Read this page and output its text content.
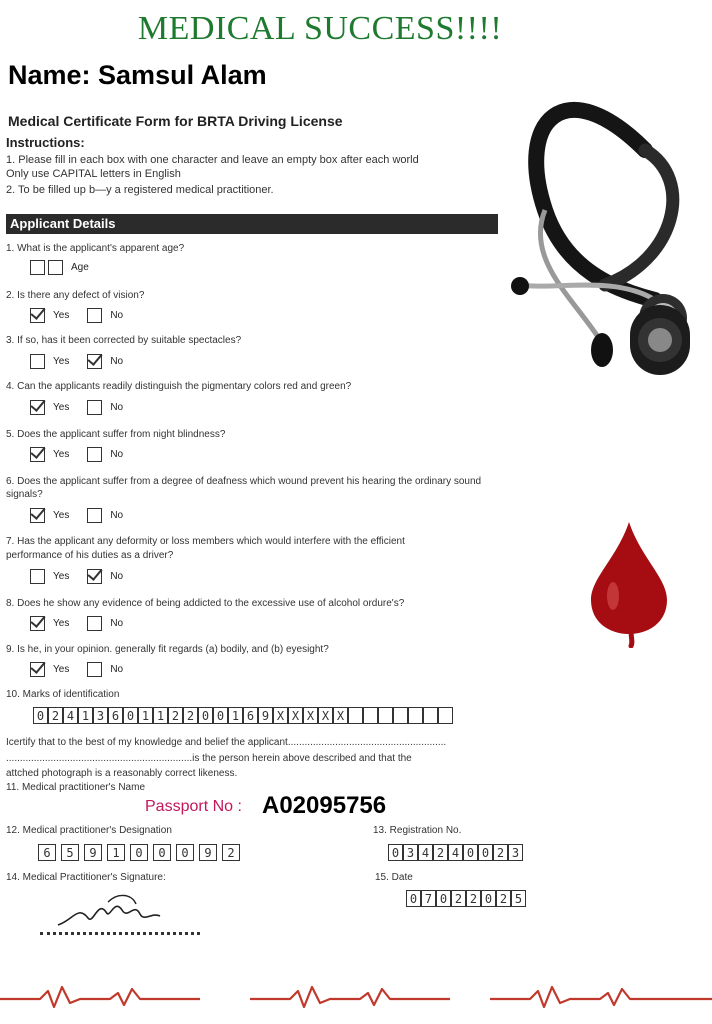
MEDICAL SUCCESS!!!!
Name: Samsul Alam
Medical Certificate Form for BRTA Driving License
Instructions:
1. Please fill in each box with one character and leave an empty box after each world
Only use CAPITAL letters in English
2. To be filled up b—y a registered medical practitioner.
Applicant Details
1. What is the applicant's apparent age?
Age
2. Is there any defect of vision?
Yes	No
3. If so, has it been corrected by suitable spectacles?
Yes	No
4. Can the applicants readily distinguish the pigmentary colors red and green?
Yes	No
5. Does the applicant suffer from night blindness?
Yes	No
6. Does the applicant suffer from a degree of deafness which wound prevent his hearing the ordinary sound
signals?
Yes	No
7. Has the applicant any deformity or loss members which would interfere with the efficient
performance of his duties as a driver?
Yes	No
8. Does he show any evidence of being addicted to the excessive use of alcohol ordure's?
Yes	No
9. Is he, in your opinion. generally fit regards (a) bodily, and (b) eyesight?
Yes	No
10. Marks of identification
0 2 4 1 3 6 0 1 1 2 2 0 0 1 6 9 X X X X X
Icertify that to the best of my knowledge and belief the applicant.........................................................
...................................................................is the person herein above described and that the
attched photograph is a reasonably correct likeness.
11. Medical practitioner's Name
Passport No : A02095756
12. Medical practitioner's Designation
6	5	9	1	0	0	0	9	2
13. Registration No.
0 3 4 2 4 0 0 2 3
14. Medical Practitioner's Signature:	15. Date
0 7 0 2 2 0 2 5
